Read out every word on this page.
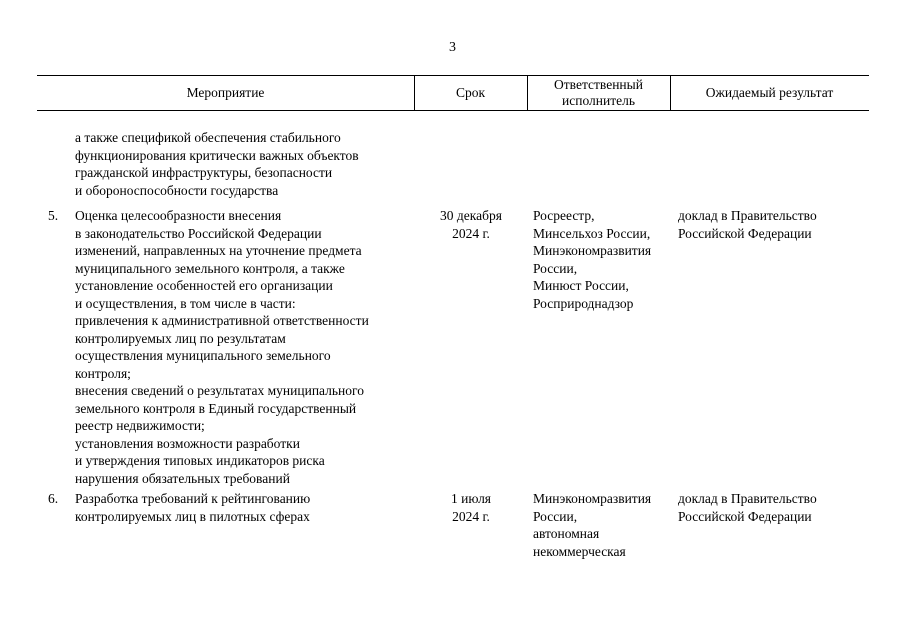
3
Мероприятие	Срок
Ответственный
исполнитель
Ожидаемый результат
а также спецификой обеспечения стабильного
функционирования критически важных объектов
гражданской инфраструктуры, безопасности
и обороноспособности государства
5. Оценка целесообразности внесения
в законодательство Российской Федерации
изменений, направленных на уточнение предмета
муниципального земельного контроля, а также
установление особенностей его организации
и осуществления, в том числе в части:
привлечения к административной ответственности
контролируемых лиц по результатам
осуществления муниципального земельного
контроля;
внесения сведений о результатах муниципального
земельного контроля в Единый государственный
реестр недвижимости;
установления возможности разработки
и утверждения типовых индикаторов риска
нарушения обязательных требований
30 декабря
2024 г.
Росреестр,
Минсельхоз России,
Минэкономразвития
России,
Минюст России,
Росприроднадзор
доклад в Правительство
Российской Федерации
6. Разработка требований к рейтингованию
контролируемых лиц в пилотных сферах
1 июля
2024 г.
Минэкономразвития
России,
автономная
некоммерческая
доклад в Правительство
Российской Федерации
